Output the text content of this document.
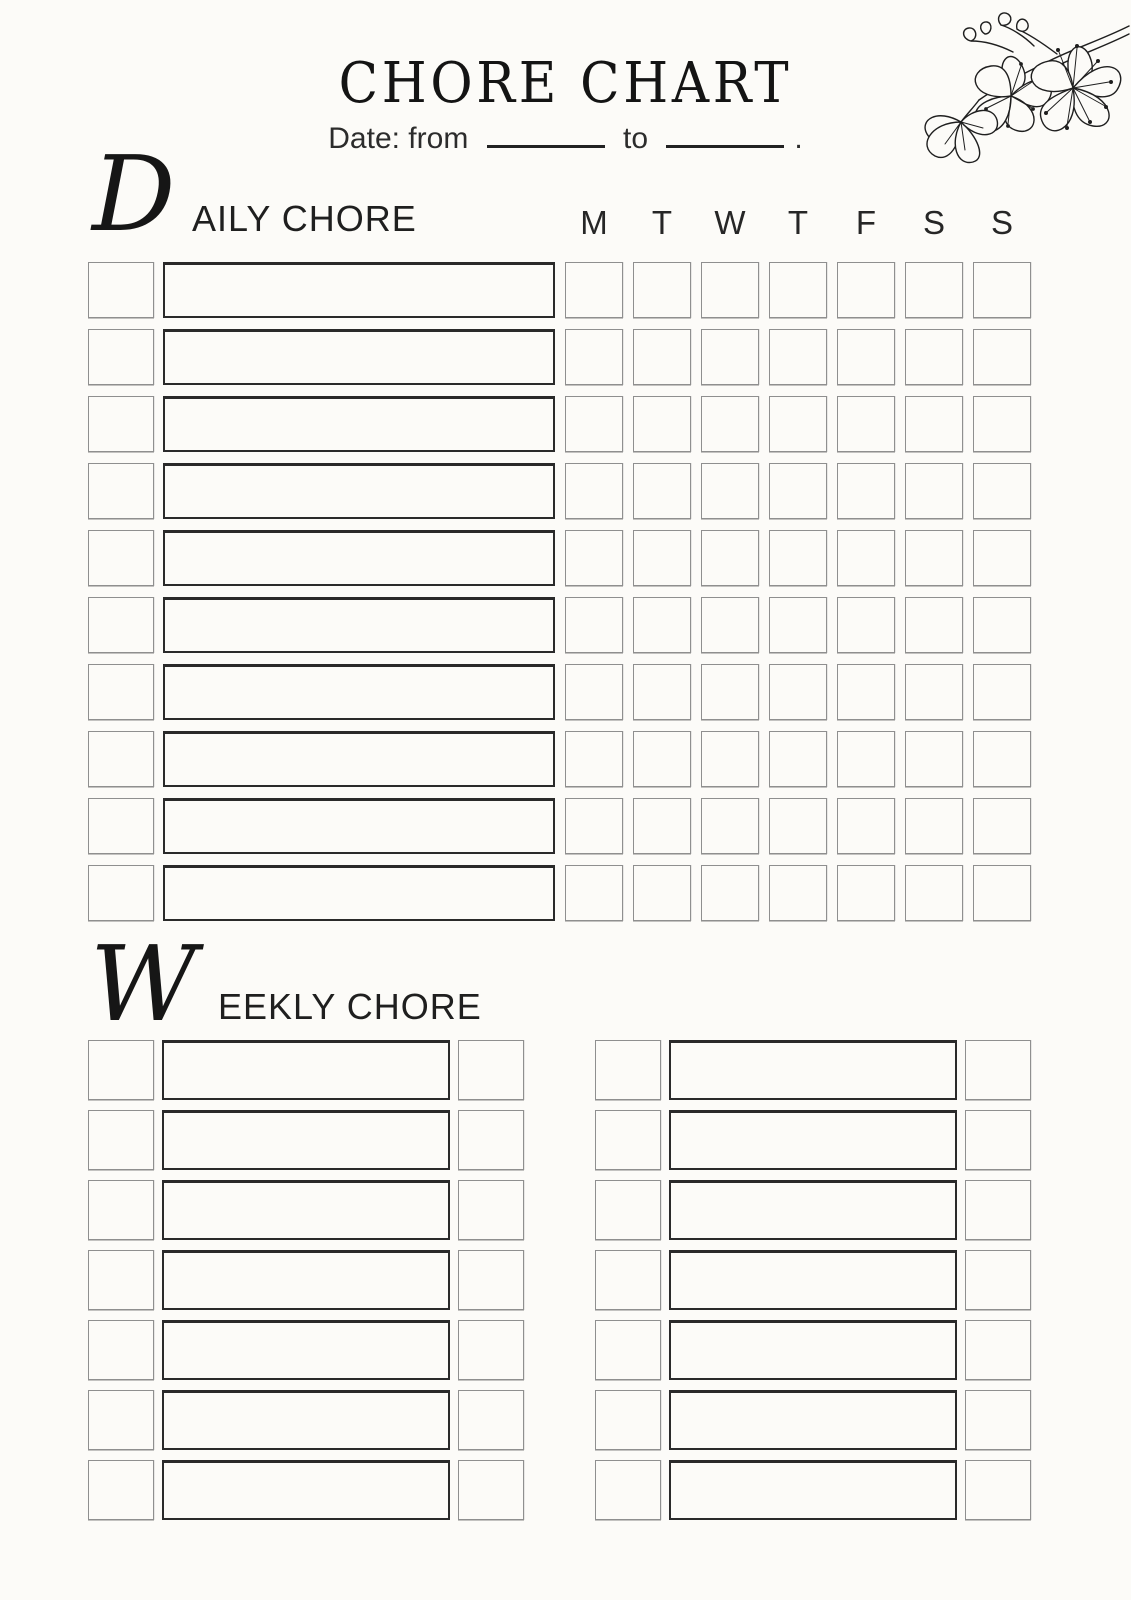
CHORE CHART
Date: from	to	.
D AILY CHORE	M	T	W	T	F	S	S
W EEKLY CHORE
